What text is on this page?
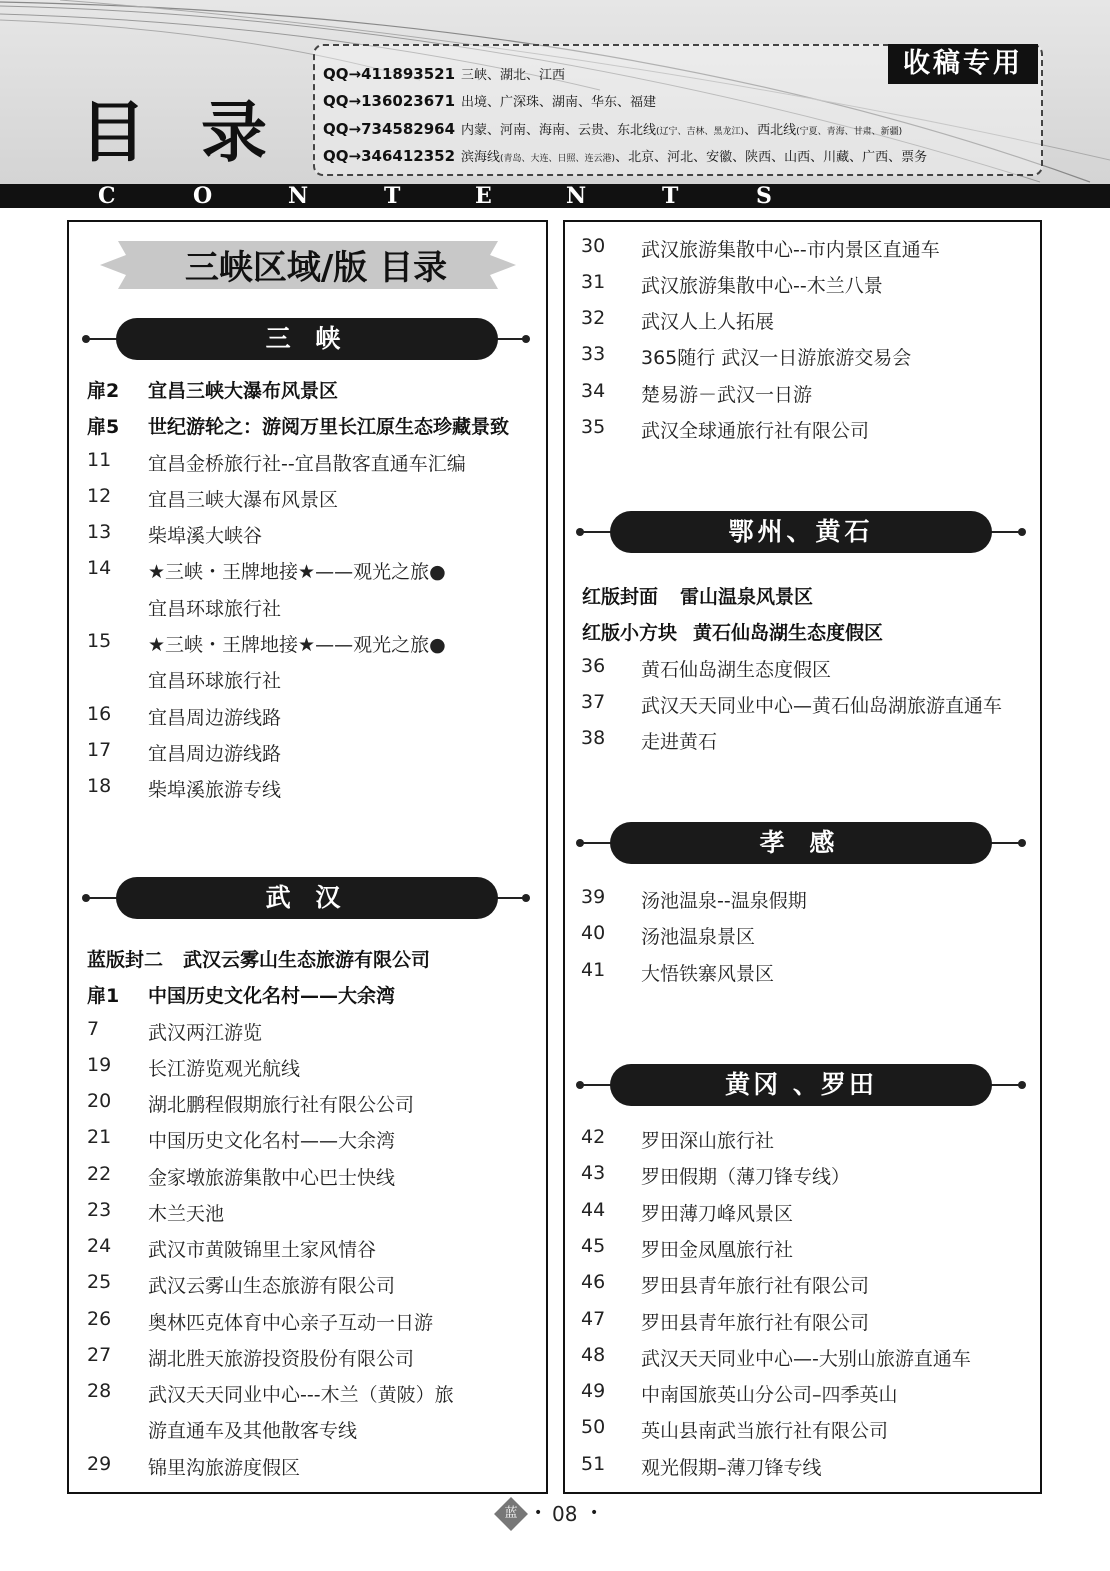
目 录
QQ→411893521 三峡、湖北、江西
QQ→136023671 出境、广深珠、湖南、华东、福建
QQ→734582964 内蒙、河南、海南、云贵、东北线(辽宁、吉林、黑龙江)、西北线(宁夏、青海、甘肃、新疆)
QQ→346412352 滨海线(青岛、大连、日照、连云港)、北京、河北、安徽、陕西、山西、川藏、广西、票务
收稿专用
C	O	N	T	E	N	T	S
三峡区域/版 目录
三 峡
扉2 宜昌三峡大瀑布风景区
扉5 世纪游轮之：游阅万里长江原生态珍藏景致
11 宜昌金桥旅行社--宜昌散客直通车汇编
12 宜昌三峡大瀑布风景区
13 柴埠溪大峡谷
14 ★三峡・王牌地接★——观光之旅●
宜昌环球旅行社
15 ★三峡・王牌地接★——观光之旅●
宜昌环球旅行社
16 宜昌周边游线路
17 宜昌周边游线路
18 柴埠溪旅游专线
武 汉
蓝版封二 武汉云雾山生态旅游有限公司
扉1 中国历史文化名村——大余湾
7	武汉两江游览
19 长江游览观光航线
20 湖北鹏程假期旅行社有限公公司
21 中国历史文化名村——大余湾
22 金家墩旅游集散中心巴士快线
23 木兰天池
24 武汉市黄陂锦里土家风情谷
25 武汉云雾山生态旅游有限公司
26 奥林匹克体育中心亲子互动一日游
27 湖北胜天旅游投资股份有限公司
28 武汉天天同业中心---木兰（黄陂）旅
游直通车及其他散客专线
29 锦里沟旅游度假区
30 武汉旅游集散中心--市内景区直通车
31 武汉旅游集散中心--木兰八景
32 武汉人上人拓展
33 365随行 武汉一日游旅游交易会
34 楚易游－武汉一日游
35 武汉全球通旅行社有限公司
鄂州、黄石
红版封面 雷山温泉风景区
红版小方块 黄石仙岛湖生态度假区
36 黄石仙岛湖生态度假区
37 武汉天天同业中心—黄石仙岛湖旅游直通车
38 走进黄石
孝 感
39 汤池温泉--温泉假期
40 汤池温泉景区
41 大悟铁寨风景区
黄冈 、罗田
42 罗田深山旅行社
43 罗田假期（薄刀锋专线）
44 罗田薄刀峰风景区
45 罗田金凤凰旅行社
46 罗田县青年旅行社有限公司
47 罗田县青年旅行社有限公司
48 武汉天天同业中心—-大别山旅游直通车
49 中南国旅英山分公司–四季英山
50 英山县南武当旅行社有限公司
51 观光假期–薄刀锋专线
蓝	• 08 •
